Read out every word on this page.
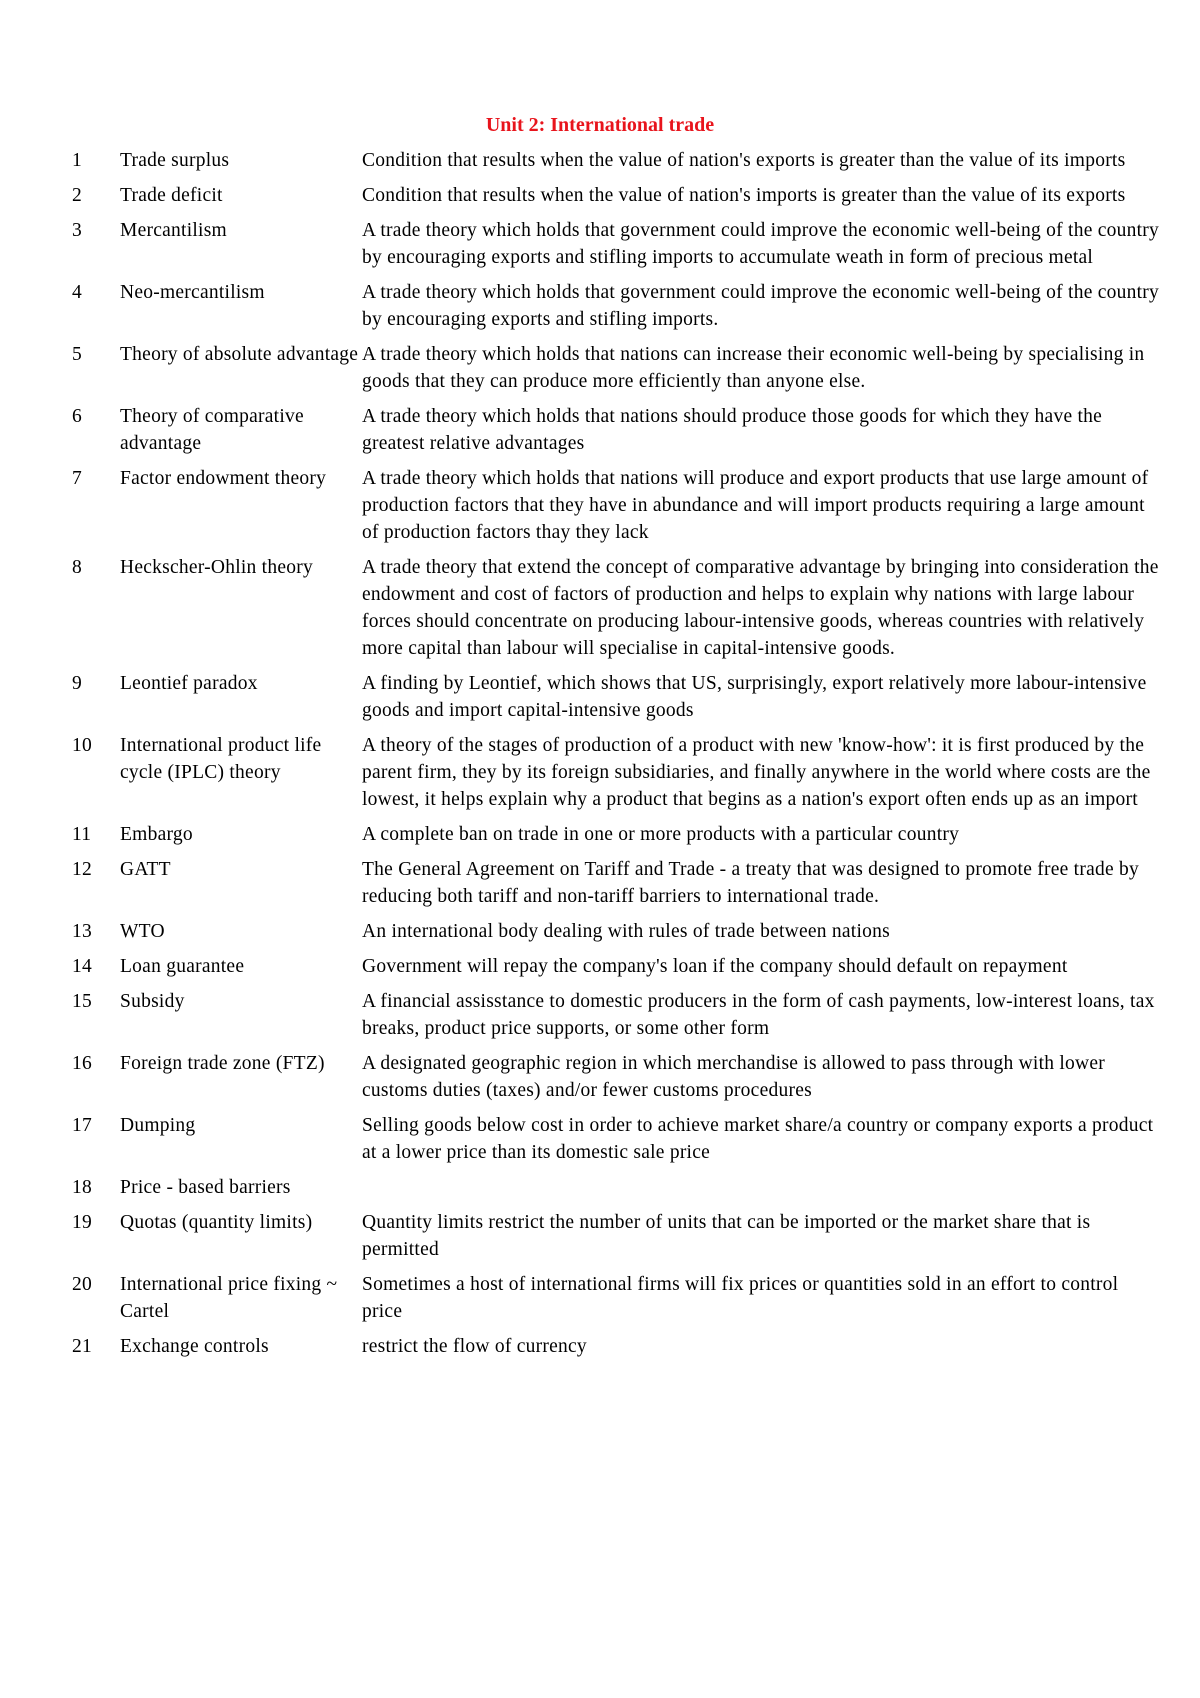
Unit 2: International trade
1	Trade surplus	Condition that results when the value of nation's exports is greater than the value of its imports
2	Trade deficit	Condition that results when the value of nation's imports is greater than the value of its exports
3	Mercantilism	A trade theory which holds that government could improve the economic well-being of the country by encouraging exports and stifling imports to accumulate weath in form of precious metal
4	Neo-mercantilism	A trade theory which holds that government could improve the economic well-being of the country by encouraging exports and stifling imports.
5	Theory of absolute advantage	A trade theory which holds that nations can increase their economic well-being by specialising in goods that they can produce more efficiently than anyone else.
6	Theory of comparative advantage	A trade theory which holds that nations should produce those goods for which they have the greatest relative advantages
7	Factor endowment theory	A trade theory which holds that nations will produce and export products that use large amount of production factors that they have in abundance and will import products requiring a large amount of production factors thay they lack
8	Heckscher-Ohlin theory	A trade theory that extend the concept of comparative advantage by bringing into consideration the endowment and cost of factors of production and helps to explain why nations with large labour forces should concentrate on producing labour-intensive goods, whereas countries with relatively more capital than labour will specialise in capital-intensive goods.
9	Leontief paradox	A finding by Leontief, which shows that US, surprisingly, export relatively more labour-intensive goods and import capital-intensive goods
10	International product life cycle (IPLC) theory	A theory of the stages of production of a product with new 'know-how': it is first produced by the parent firm, they by its foreign subsidiaries, and finally anywhere in the world where costs are the lowest, it helps explain why a product that begins as a nation's export often ends up as an import
11	Embargo	A complete ban on trade in one or more products with a particular country
12	GATT	The General Agreement on Tariff and Trade - a treaty that was designed to promote free trade by reducing both tariff and non-tariff barriers to international trade.
13	WTO	An international body dealing with rules of trade between nations
14	Loan guarantee	Government will repay the company's loan if the company should default on repayment
15	Subsidy	A financial assisstance to domestic producers in the form of cash payments, low-interest loans, tax breaks, product price supports, or some other form
16	Foreign trade zone (FTZ)	A designated geographic region in which merchandise is allowed to pass through with lower customs duties (taxes) and/or fewer customs procedures
17	Dumping	Selling goods below cost in order to achieve market share/a country or company exports a product at a lower price than its domestic sale price
18	Price - based barriers	
19	Quotas (quantity limits)	Quantity limits restrict the number of units that can be imported or the market share that is permitted
20	International price fixing ~ Cartel	Sometimes a host of international firms will fix prices or quantities sold in an effort to control price
21	Exchange controls	restrict the flow of currency
